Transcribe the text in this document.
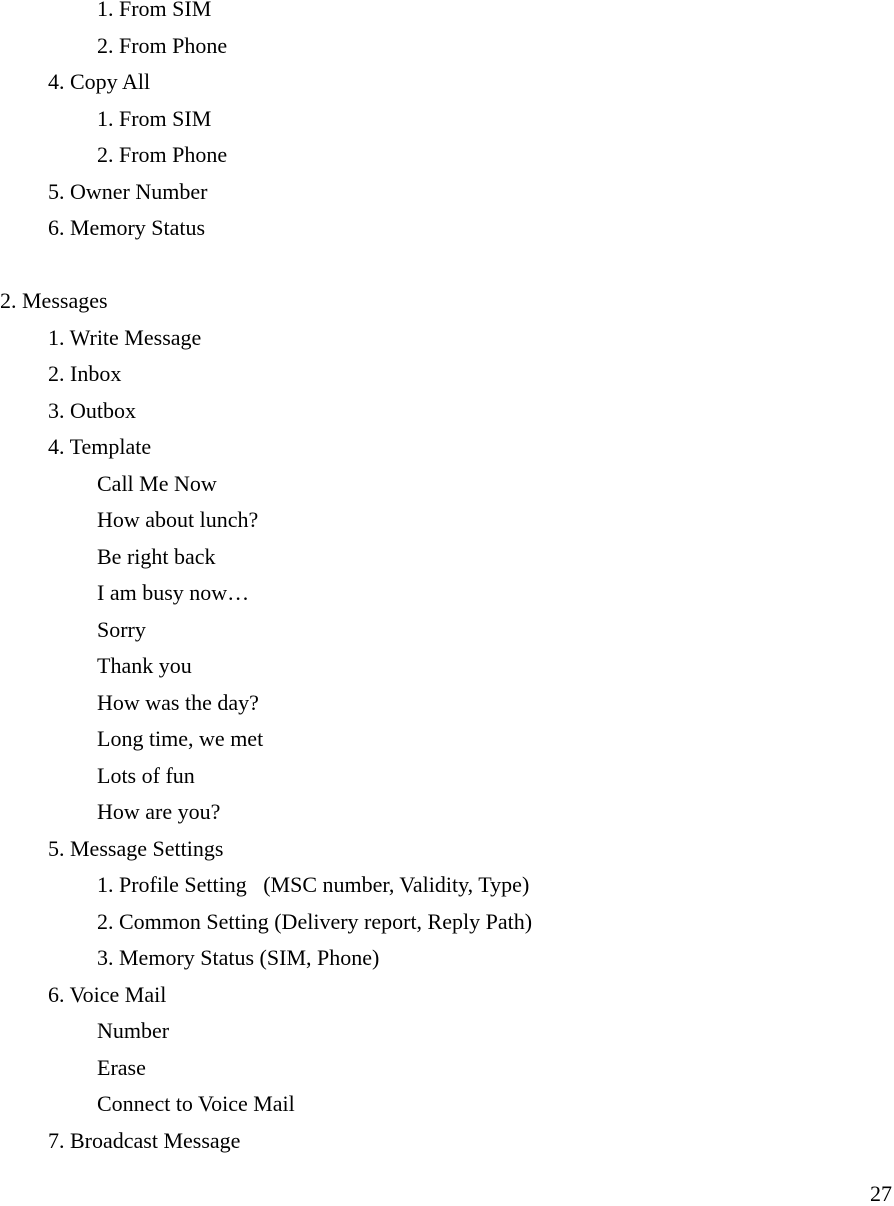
1. From SIM
2. From Phone
4. Copy All
1. From SIM
2. From Phone
5. Owner Number
6. Memory Status
2. Messages
1. Write Message
2. Inbox
3. Outbox
4. Template
Call Me Now
How about lunch?
Be right back
I am busy now…
Sorry
Thank you
How was the day?
Long time, we met
Lots of fun
How are you?
5. Message Settings
1. Profile Setting   (MSC number, Validity, Type)
2. Common Setting (Delivery report, Reply Path)
3. Memory Status (SIM, Phone)
6. Voice Mail
Number
Erase
Connect to Voice Mail
7. Broadcast Message
27
